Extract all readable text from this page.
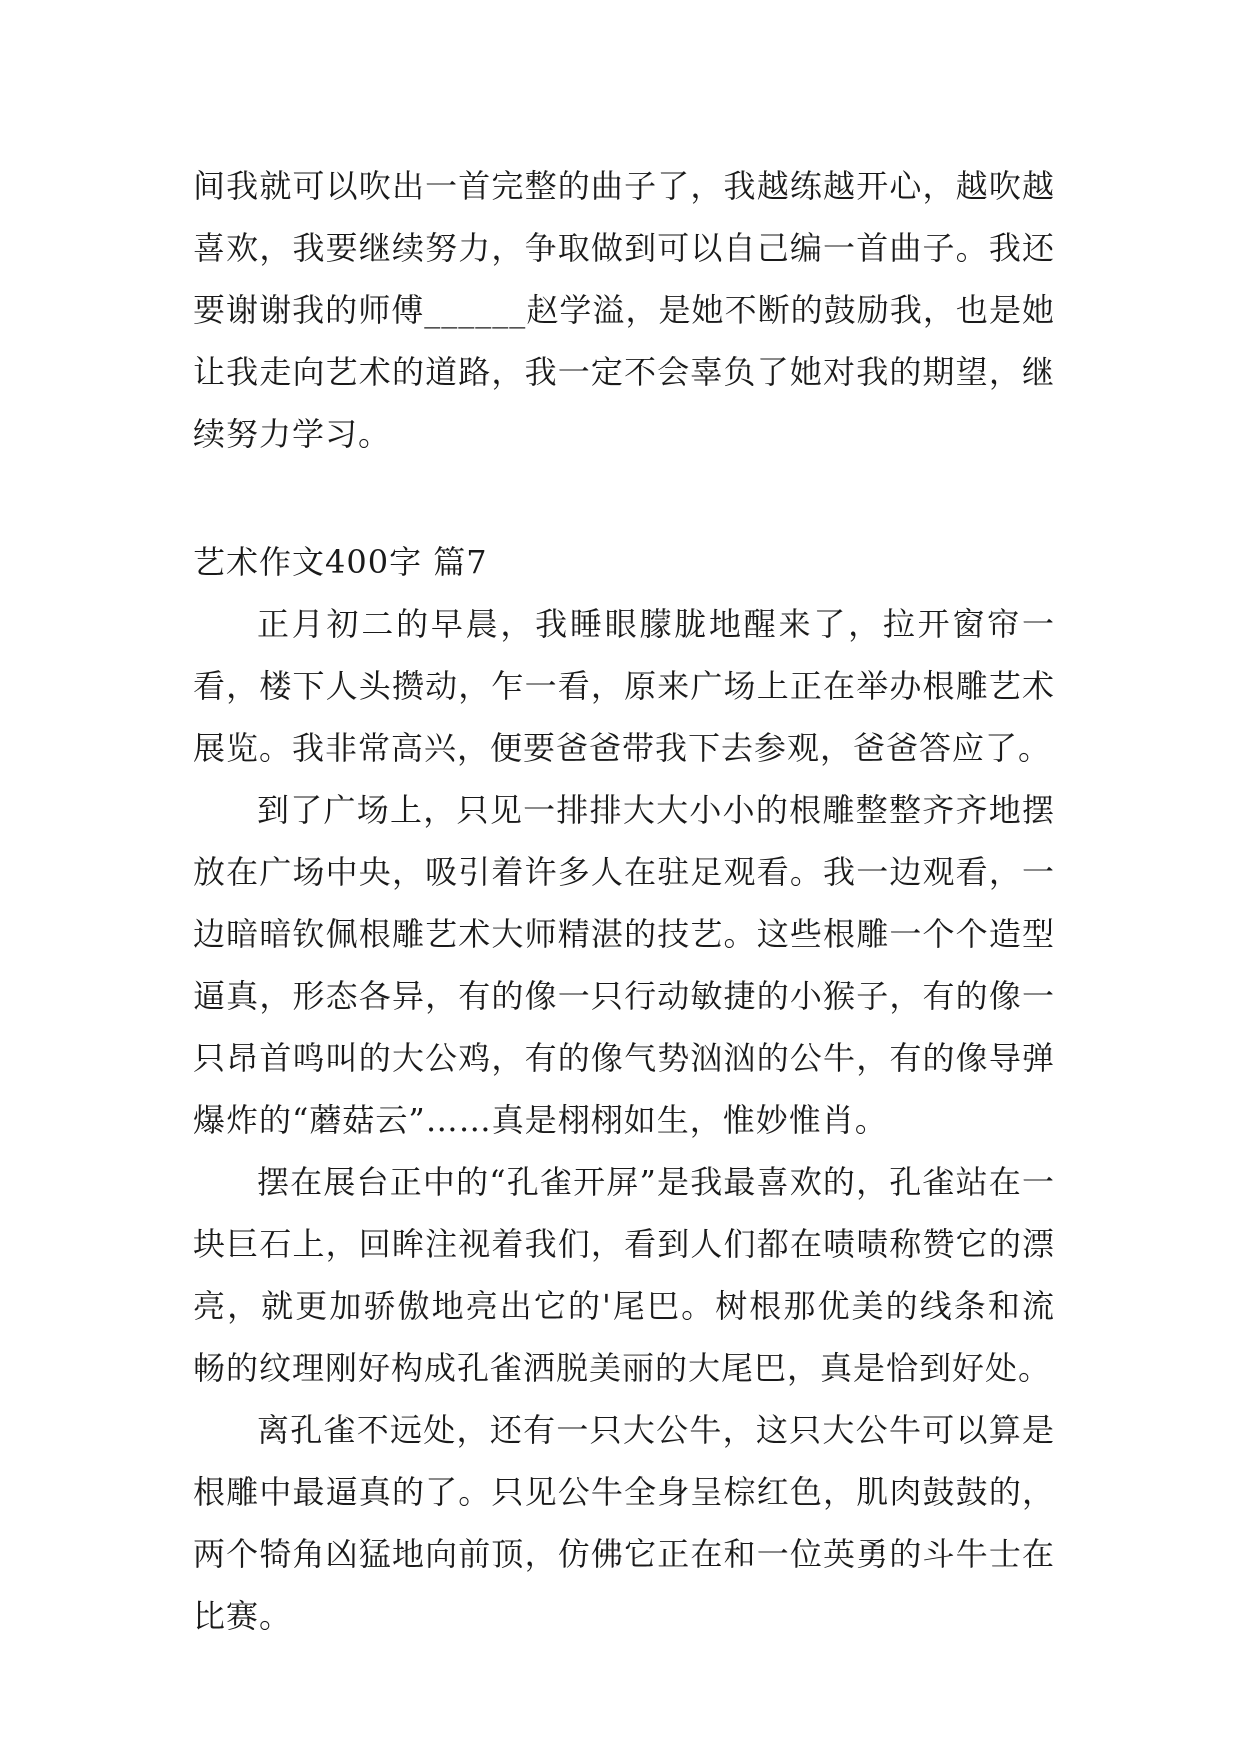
间我就可以吹出一首完整的曲子了，我越练越开心，越吹越喜欢，我要继续努力，争取做到可以自己编一首曲子。我还要谢谢我的师傅______赵学溢，是她不断的鼓励我，也是她让我走向艺术的道路，我一定不会辜负了她对我的期望，继续努力学习。

艺术作文400字 篇7

正月初二的早晨，我睡眼朦胧地醒来了，拉开窗帘一看，楼下人头攒动，乍一看，原来广场上正在举办根雕艺术展览。我非常高兴，便要爸爸带我下去参观，爸爸答应了。

到了广场上，只见一排排大大小小的根雕整整齐齐地摆放在广场中央，吸引着许多人在驻足观看。我一边观看，一边暗暗钦佩根雕艺术大师精湛的技艺。这些根雕一个个造型逼真，形态各异，有的像一只行动敏捷的小猴子，有的像一只昂首鸣叫的大公鸡，有的像气势汹汹的公牛，有的像导弹爆炸的“蘑菇云”……真是栩栩如生，惟妙惟肖。

摆在展台正中的“孔雀开屏”是我最喜欢的，孔雀站在一块巨石上，回眸注视着我们，看到人们都在啧啧称赞它的漂亮，就更加骄傲地亮出它的'尾巴。树根那优美的线条和流畅的纹理刚好构成孔雀洒脱美丽的大尾巴，真是恰到好处。

离孔雀不远处，还有一只大公牛，这只大公牛可以算是根雕中最逼真的了。只见公牛全身呈棕红色，肌肉鼓鼓的，两个犄角凶猛地向前顶，仿佛它正在和一位英勇的斗牛士在比赛。
